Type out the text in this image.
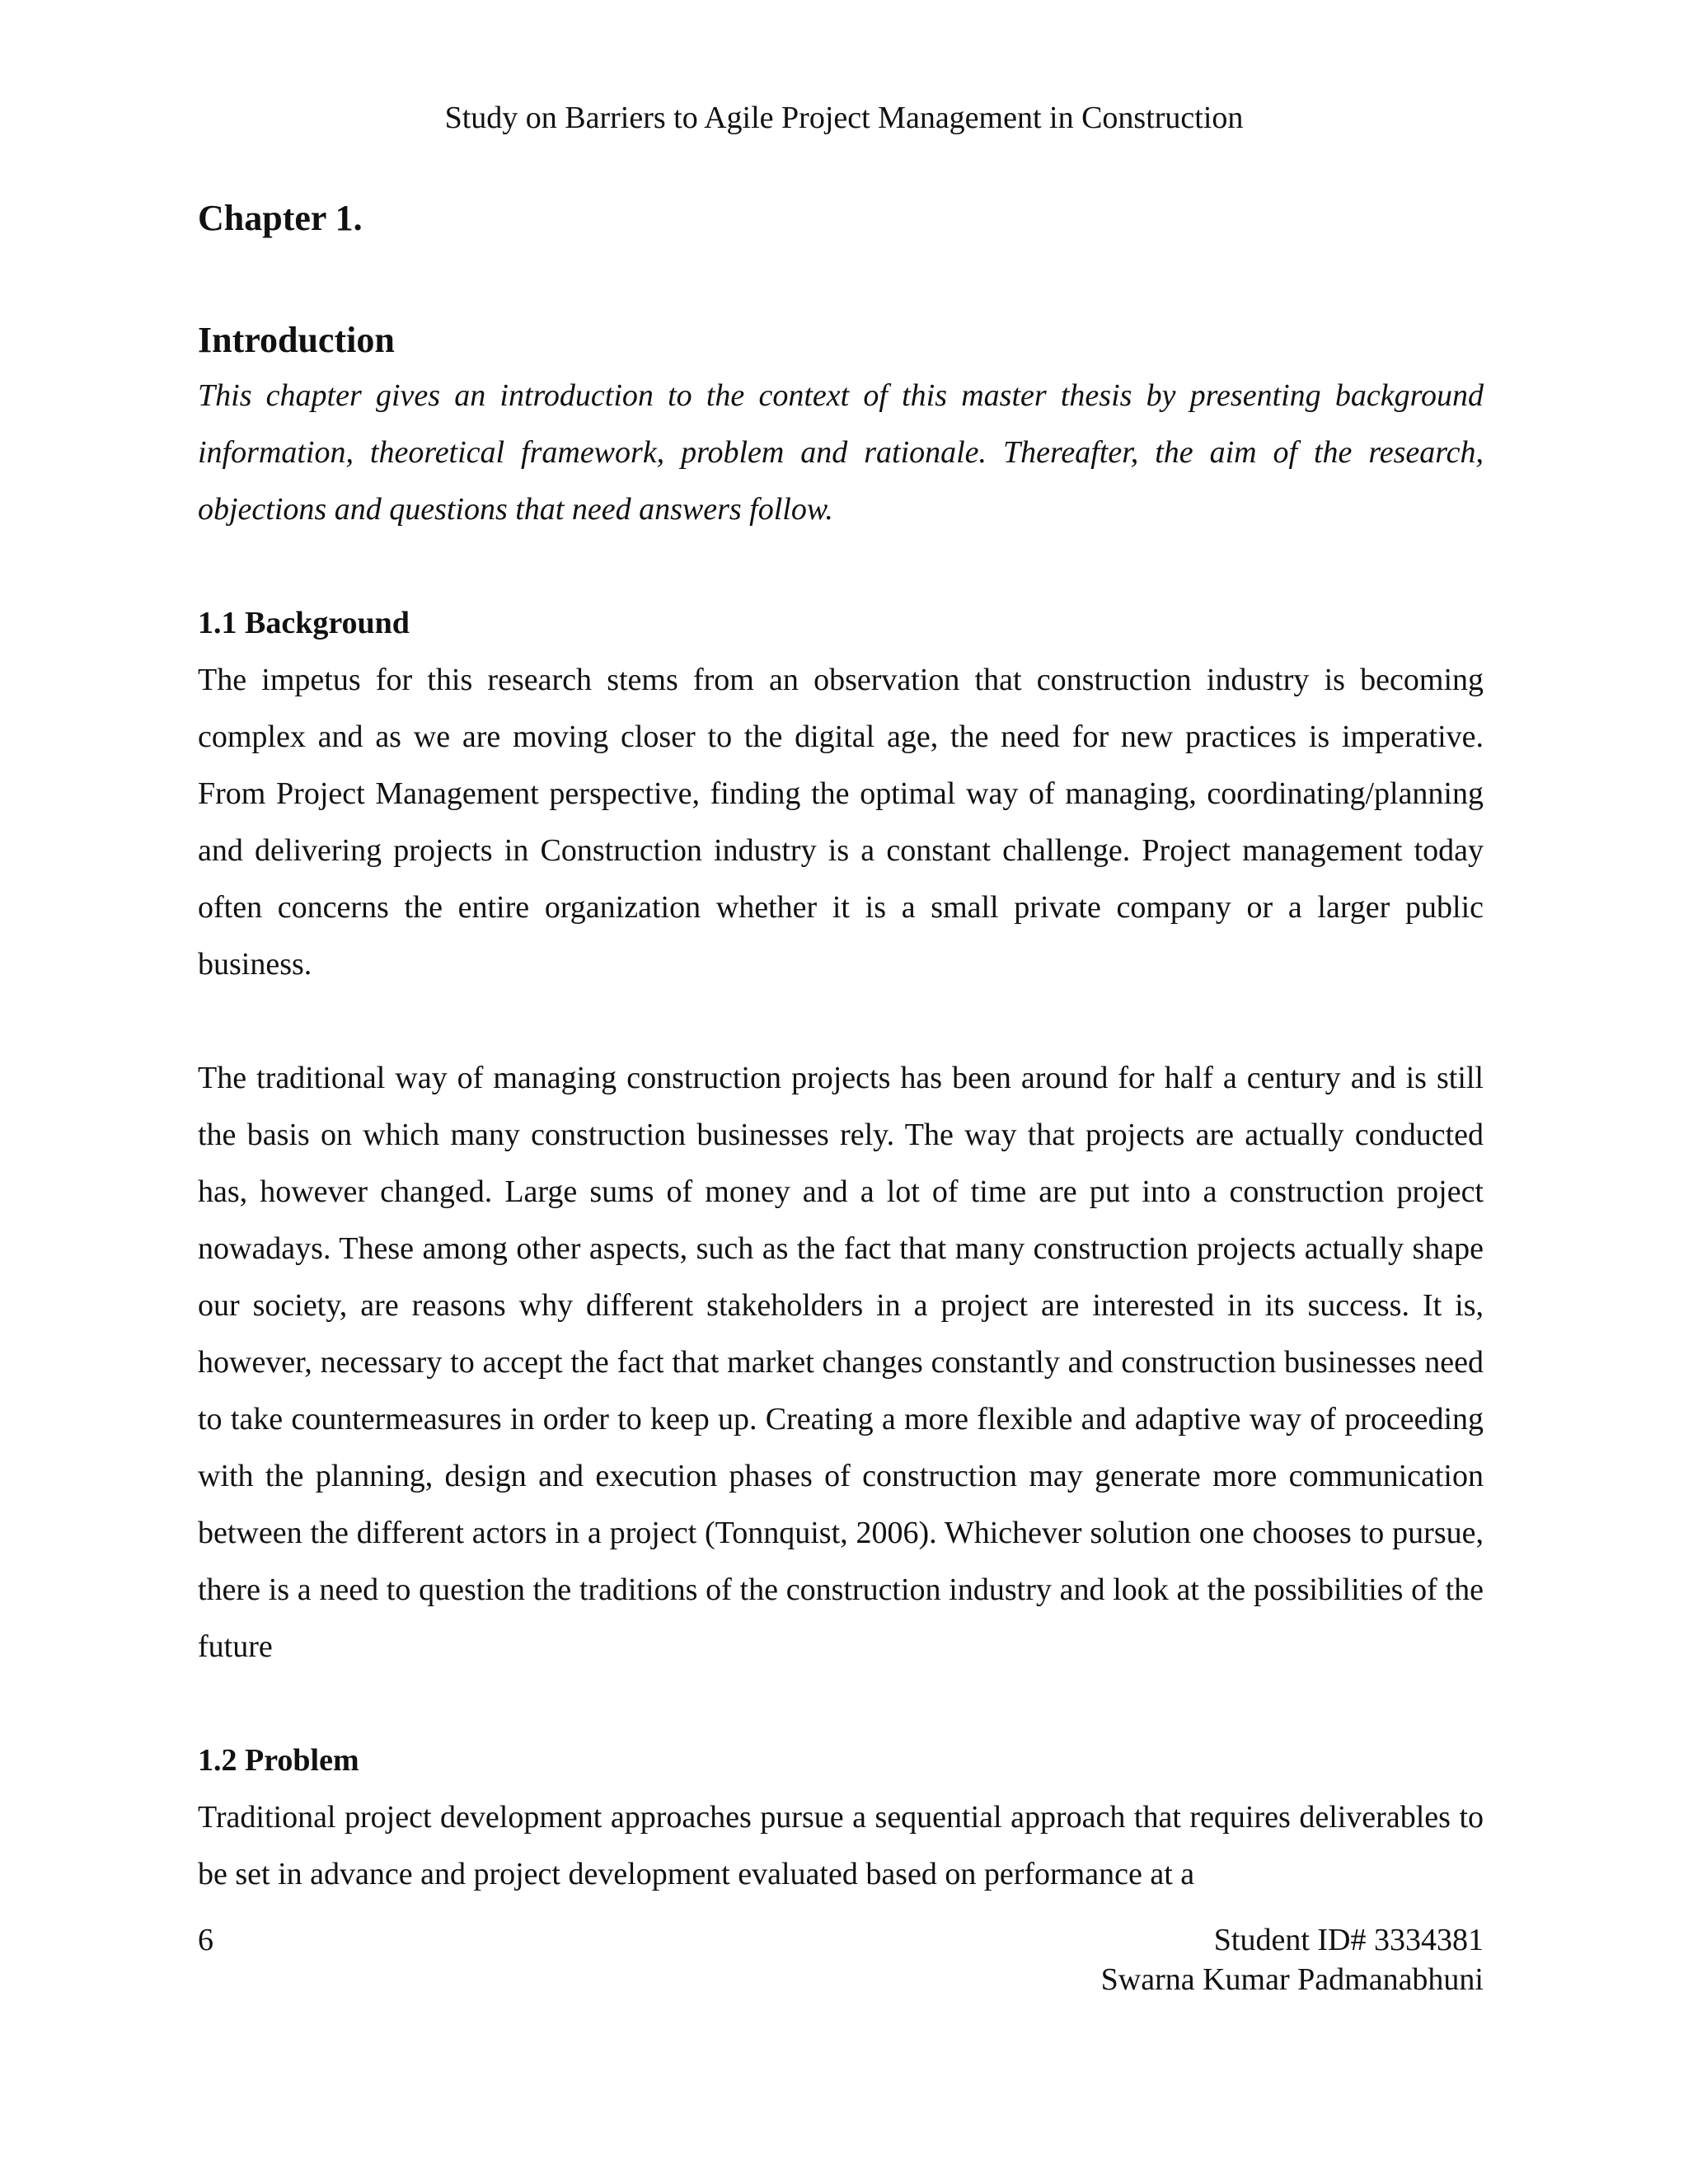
Study on Barriers to Agile Project Management in Construction
Chapter 1.
Introduction

This chapter gives an introduction to the context of this master thesis by presenting background information, theoretical framework, problem and rationale. Thereafter, the aim of the research, objections and questions that need answers follow.

1.1 Background

The impetus for this research stems from an observation that construction industry is becoming complex and as we are moving closer to the digital age, the need for new practices is imperative. From Project Management perspective, finding the optimal way of managing, coordinating/planning and delivering projects in Construction industry is a constant challenge. Project management today often concerns the entire organization whether it is a small private company or a larger public business.

The traditional way of managing construction projects has been around for half a century and is still the basis on which many construction businesses rely. The way that projects are actually conducted has, however changed. Large sums of money and a lot of time are put into a construction project nowadays. These among other aspects, such as the fact that many construction projects actually shape our society, are reasons why different stakeholders in a project are interested in its success. It is, however, necessary to accept the fact that market changes constantly and construction businesses need to take countermeasures in order to keep up. Creating a more flexible and adaptive way of proceeding with the planning, design and execution phases of construction may generate more communication between the different actors in a project (Tonnquist, 2006). Whichever solution one chooses to pursue, there is a need to question the traditions of the construction industry and look at the possibilities of the future

1.2 Problem

Traditional project development approaches pursue a sequential approach that requires deliverables to be set in advance and project development evaluated based on performance at a

6	Student ID# 3334381
Swarna Kumar Padmanabhuni
